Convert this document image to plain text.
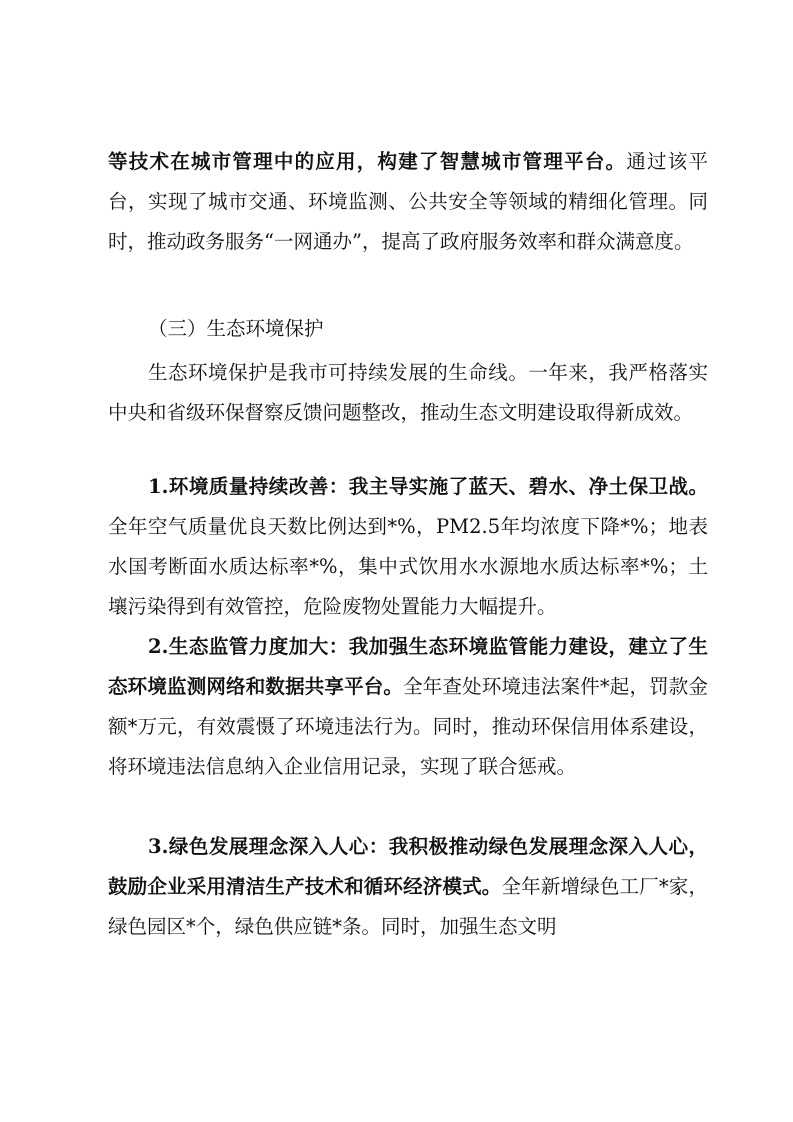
等技术在城市管理中的应用，构建了智慧城市管理平台。通过该平台，实现了城市交通、环境监测、公共安全等领域的精细化管理。同时，推动政务服务“一网通办”，提高了政府服务效率和群众满意度。

（三）生态环境保护

生态环境保护是我市可持续发展的生命线。一年来，我严格落实中央和省级环保督察反馈问题整改，推动生态文明建设取得新成效。

1.环境质量持续改善：我主导实施了蓝天、碧水、净土保卫战。全年空气质量优良天数比例达到*%，PM2.5年均浓度下降*%；地表水国考断面水质达标率*%，集中式饮用水水源地水质达标率*%；土壤污染得到有效管控，危险废物处置能力大幅提升。

2.生态监管力度加大：我加强生态环境监管能力建设，建立了生态环境监测网络和数据共享平台。全年查处环境违法案件*起，罚款金额*万元，有效震慑了环境违法行为。同时，推动环保信用体系建设，将环境违法信息纳入企业信用记录，实现了联合惩戒。

3.绿色发展理念深入人心：我积极推动绿色发展理念深入人心，鼓励企业采用清洁生产技术和循环经济模式。全年新增绿色工厂*家，绿色园区*个，绿色供应链*条。同时，加强生态文明
